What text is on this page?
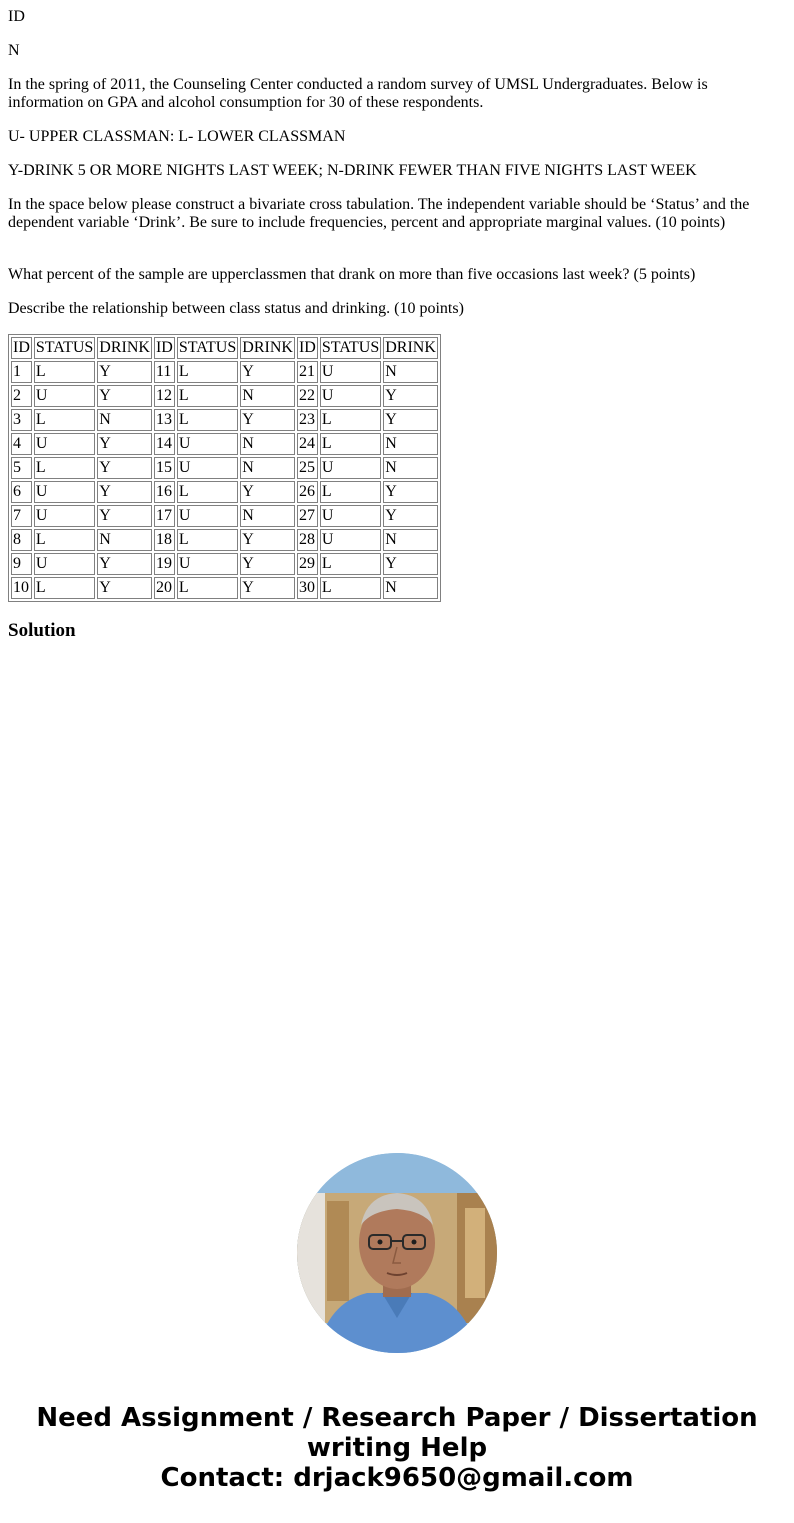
ID

N

In the spring of 2011, the Counseling Center conducted a random survey of UMSL Undergraduates. Below is information on GPA and alcohol consumption for 30 of these respondents.

U- UPPER CLASSMAN: L- LOWER CLASSMAN

Y-DRINK 5 OR MORE NIGHTS LAST WEEK; N-DRINK FEWER THAN FIVE NIGHTS LAST WEEK

In the space below please construct a bivariate cross tabulation. The independent variable should be ‘Status’ and the dependent variable ‘Drink’. Be sure to include frequencies, percent and appropriate marginal values. (10 points)

What percent of the sample are upperclassmen that drank on more than five occasions last week? (5 points)

Describe the relationship between class status and drinking. (10 points)

ID	STATUS	DRINK	ID	STATUS	DRINK	ID	STATUS	DRINK
1	L	Y	11	L	Y	21	U	N
2	U	Y	12	L	N	22	U	Y
3	L	N	13	L	Y	23	L	Y
4	U	Y	14	U	N	24	L	N
5	L	Y	15	U	N	25	U	N
6	U	Y	16	L	Y	26	L	Y
7	U	Y	17	U	N	27	U	Y
8	L	N	18	L	Y	28	U	N
9	U	Y	19	U	Y	29	L	Y
10	L	Y	20	L	Y	30	L	N
Solution
Need Assignment / Research Paper / Dissertation
writing Help
Contact: drjack9650@gmail.com
